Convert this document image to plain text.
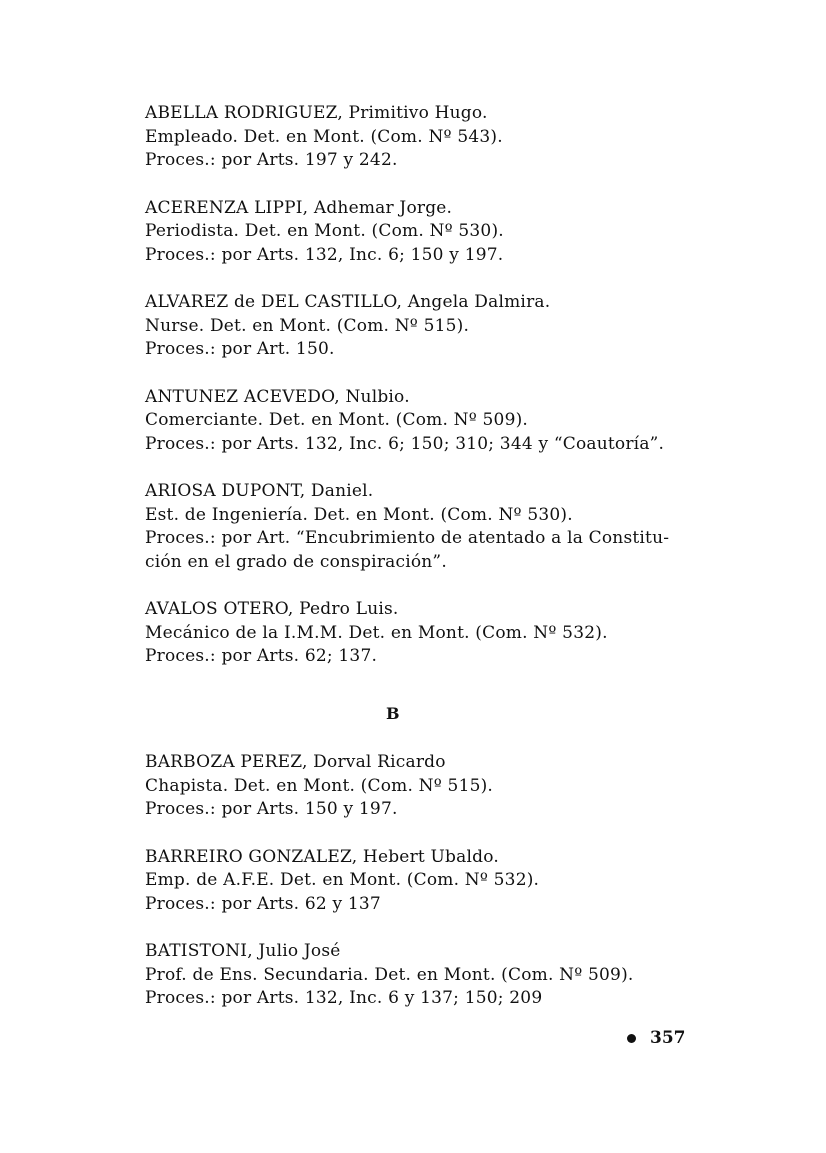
ABELLA RODRIGUEZ, Primitivo Hugo.
Empleado. Det. en Mont. (Com. Nº 543).
Proces.: por Arts. 197 y 242.
ACERENZA LIPPI, Adhemar Jorge.
Periodista. Det. en Mont. (Com. Nº 530).
Proces.: por Arts. 132, Inc. 6; 150 y 197.
ALVAREZ de DEL CASTILLO, Angela Dalmira.
Nurse. Det. en Mont. (Com. Nº 515).
Proces.: por Art. 150.
ANTUNEZ ACEVEDO, Nulbio.
Comerciante. Det. en Mont. (Com. Nº 509).
Proces.: por Arts. 132, Inc. 6; 150; 310; 344 y “Coautoría”.
ARIOSA DUPONT, Daniel.
Est. de Ingeniería. Det. en Mont. (Com. Nº 530).
Proces.: por Art. “Encubrimiento de atentado a la Constitu-
ción en el grado de conspiración”.
AVALOS OTERO, Pedro Luis.
Mecánico de la I.M.M. Det. en Mont. (Com. Nº 532).
Proces.: por Arts. 62; 137.
B
BARBOZA PEREZ, Dorval Ricardo
Chapista. Det. en Mont. (Com. Nº 515).
Proces.: por Arts. 150 y 197.
BARREIRO GONZALEZ, Hebert Ubaldo.
Emp. de A.F.E. Det. en Mont. (Com. Nº 532).
Proces.: por Arts. 62 y 137
BATISTONI, Julio José
Prof. de Ens. Secundaria. Det. en Mont. (Com. Nº 509).
Proces.: por Arts. 132, Inc. 6 y 137; 150; 209
357
